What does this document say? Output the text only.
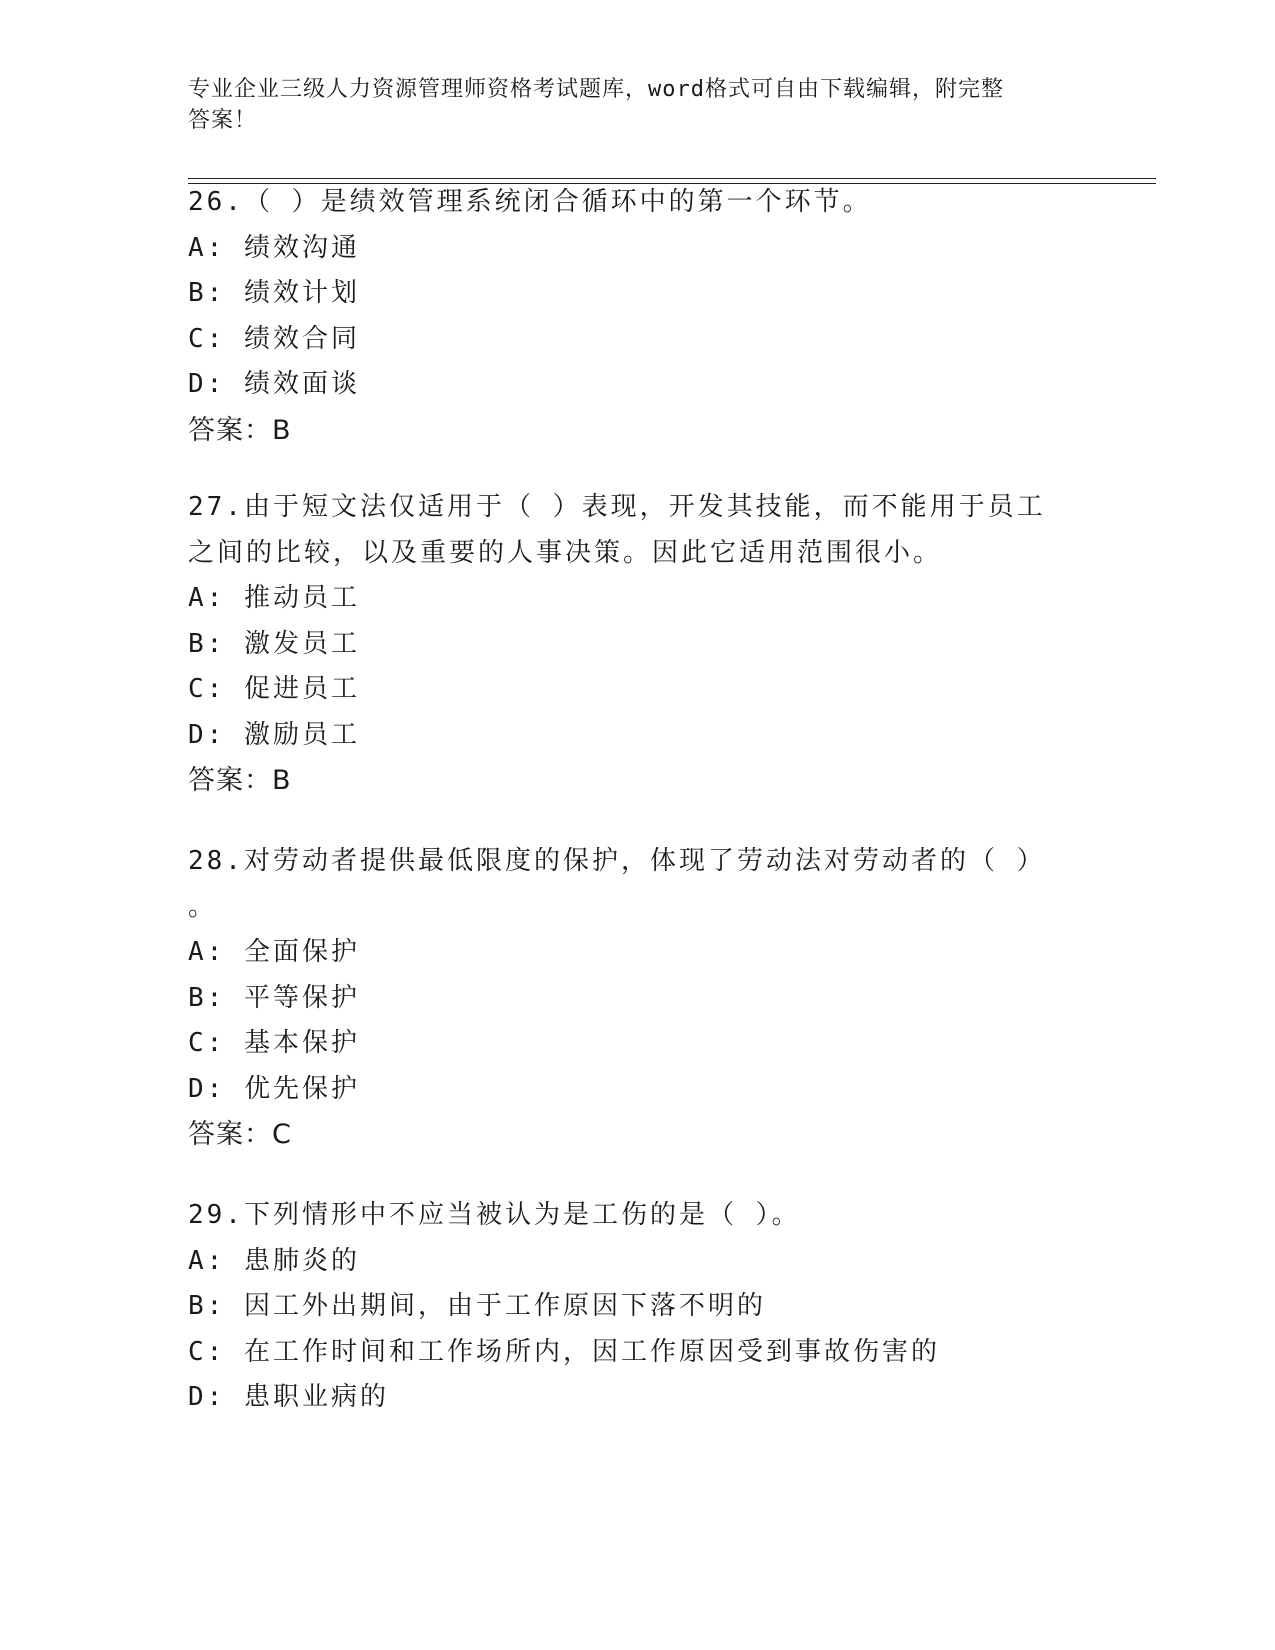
专业企业三级人力资源管理师资格考试题库，word格式可自由下载编辑，附完整
答案！
26.（ ）是绩效管理系统闭合循环中的第一个环节。
A: 绩效沟通
B: 绩效计划
C: 绩效合同
D: 绩效面谈
答案：B
27.由于短文法仅适用于（ ）表现，开发其技能，而不能用于员工
之间的比较，以及重要的人事决策。因此它适用范围很小。
A: 推动员工
B: 激发员工
C: 促进员工
D: 激励员工
答案：B
28.对劳动者提供最低限度的保护，体现了劳动法对劳动者的（ ）
。
A: 全面保护
B: 平等保护
C: 基本保护
D: 优先保护
答案：C
29.下列情形中不应当被认为是工伤的是（ ）。
A: 患肺炎的
B: 因工外出期间，由于工作原因下落不明的
C: 在工作时间和工作场所内，因工作原因受到事故伤害的
D: 患职业病的
